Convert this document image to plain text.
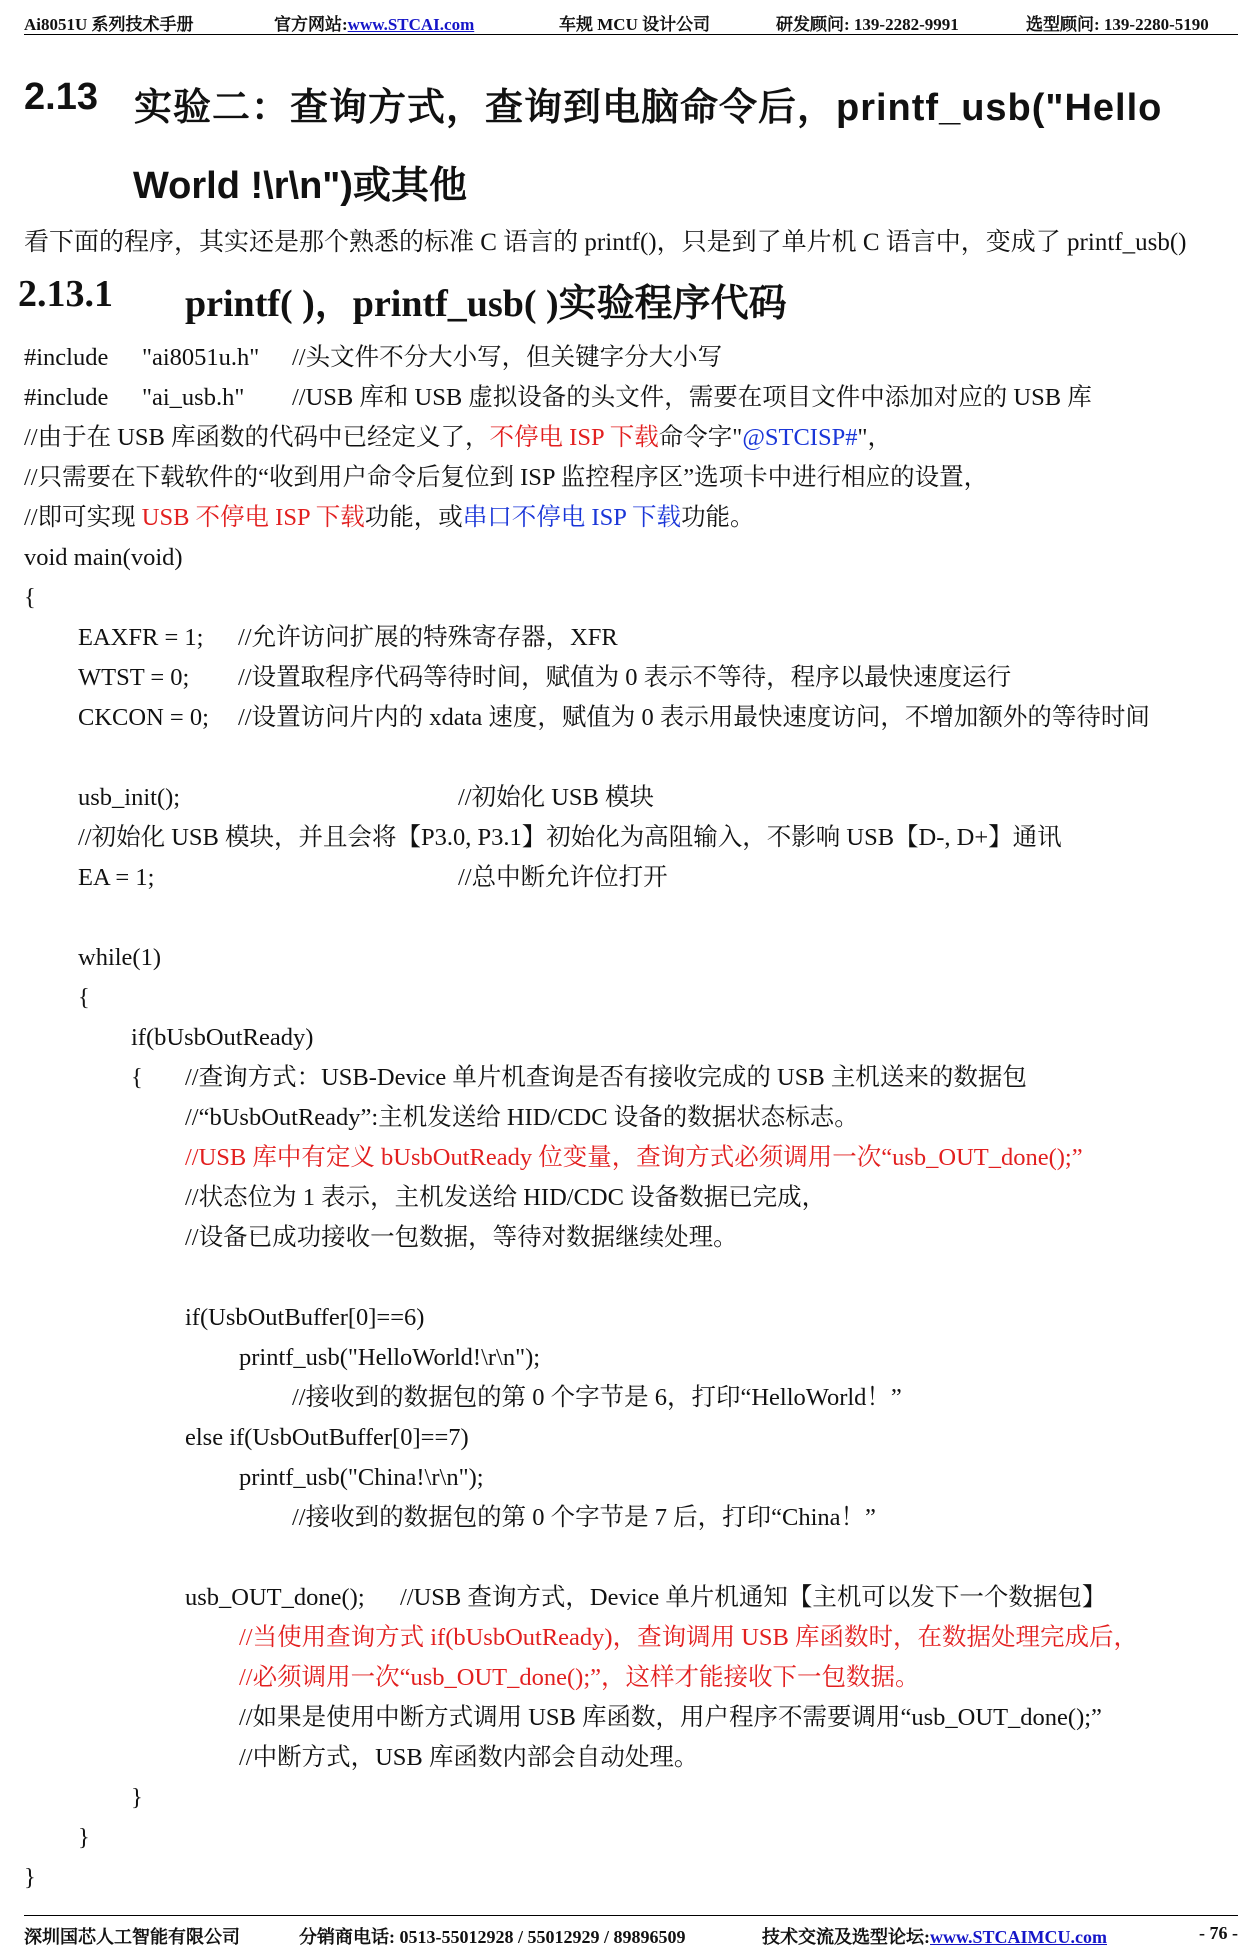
Ai8051U 系列技术手册	官方网站:www.STCAI.com	车规 MCU 设计公司	研发顾问: 139-2282-9991	选型顾问: 139-2280-5190
2.13 实验二：查询方式，查询到电脑命令后，printf_usb("Hello
World !\r\n")或其他
看下面的程序，其实还是那个熟悉的标准 C 语言的 printf()，只是到了单片机 C 语言中，变成了 printf_usb()
2.13.1 printf( )，printf_usb( )实验程序代码
#include "ai8051u.h" //头文件不分大小写，但关键字分大小写
#include "ai_usb.h" //USB 库和 USB 虚拟设备的头文件，需要在项目文件中添加对应的 USB 库
//由于在 USB 库函数的代码中已经定义了，不停电 ISP 下载命令字"@STCISP#"，
//只需要在下载软件的“收到用户命令后复位到 ISP 监控程序区”选项卡中进行相应的设置，
//即可实现 USB 不停电 ISP 下载功能，或串口不停电 ISP 下载功能。
void main(void)
{
EAXFR = 1; //允许访问扩展的特殊寄存器，XFR
WTST = 0; //设置取程序代码等待时间，赋值为 0 表示不等待，程序以最快速度运行
CKCON = 0; //设置访问片内的 xdata 速度，赋值为 0 表示用最快速度访问，不增加额外的等待时间
usb_init();	//初始化 USB 模块
//初始化 USB 模块，并且会将【P3.0, P3.1】初始化为高阻输入，不影响 USB【D-, D+】通讯
EA = 1;	//总中断允许位打开
while(1)
{
if(bUsbOutReady)
{ //查询方式：USB-Device 单片机查询是否有接收完成的 USB 主机送来的数据包
//“bUsbOutReady”:主机发送给 HID/CDC 设备的数据状态标志。
//USB 库中有定义 bUsbOutReady 位变量，查询方式必须调用一次“usb_OUT_done();”
//状态位为 1 表示，主机发送给 HID/CDC 设备数据已完成，
//设备已成功接收一包数据，等待对数据继续处理。
if(UsbOutBuffer[0]==6)
printf_usb("HelloWorld!\r\n");
//接收到的数据包的第 0 个字节是 6，打印“HelloWorld！”
else if(UsbOutBuffer[0]==7)
printf_usb("China!\r\n");
//接收到的数据包的第 0 个字节是 7 后，打印“China！”
usb_OUT_done(); //USB 查询方式，Device 单片机通知【主机可以发下一个数据包】
//当使用查询方式 if(bUsbOutReady)，查询调用 USB 库函数时，在数据处理完成后，
//必须调用一次“usb_OUT_done();”，这样才能接收下一包数据。
//如果是使用中断方式调用 USB 库函数，用户程序不需要调用“usb_OUT_done();”
//中断方式，USB 库函数内部会自动处理。
}
}
}
深圳国芯人工智能有限公司	分销商电话: 0513-55012928 / 55012929 / 89896509	技术交流及选型论坛:www.STCAIMCU.com	- 76 -
